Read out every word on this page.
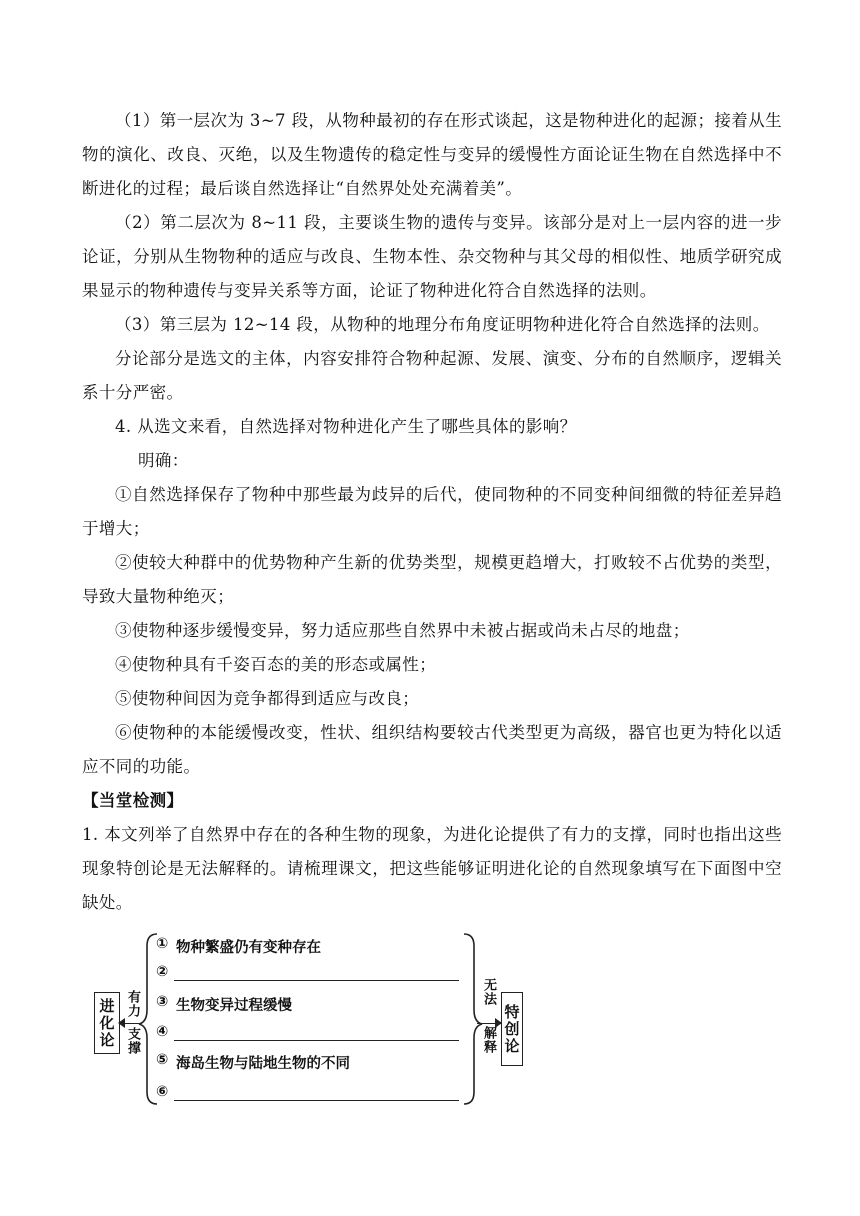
（1）第一层次为 3~7 段，从物种最初的存在形式谈起，这是物种进化的起源；接着从生物的演化、改良、灭绝，以及生物遗传的稳定性与变异的缓慢性方面论证生物在自然选择中不断进化的过程；最后谈自然选择让“自然界处处充满着美”。

（2）第二层次为 8~11 段，主要谈生物的遗传与变异。该部分是对上一层内容的进一步论证，分别从生物物种的适应与改良、生物本性、杂交物种与其父母的相似性、地质学研究成果显示的物种遗传与变异关系等方面，论证了物种进化符合自然选择的法则。

（3）第三层为 12~14 段，从物种的地理分布角度证明物种进化符合自然选择的法则。

分论部分是选文的主体，内容安排符合物种起源、发展、演变、分布的自然顺序，逻辑关系十分严密。

4. 从选文来看，自然选择对物种进化产生了哪些具体的影响？

明确：

①自然选择保存了物种中那些最为歧异的后代，使同物种的不同变种间细微的特征差异趋于增大；

②使较大种群中的优势物种产生新的优势类型，规模更趋增大，打败较不占优势的类型，导致大量物种绝灭；

③使物种逐步缓慢变异，努力适应那些自然界中未被占据或尚未占尽的地盘；

④使物种具有千姿百态的美的形态或属性；

⑤使物种间因为竞争都得到适应与改良；

⑥使物种的本能缓慢改变，性状、组织结构要较古代类型更为高级，器官也更为特化以适应不同的功能。

【当堂检测】

1. 本文列举了自然界中存在的各种生物的现象，为进化论提供了有力的支撑，同时也指出这些现象特创论是无法解释的。请梳理课文，把这些能够证明进化论的自然现象填写在下面图中空缺处。

进化论 有力
支撑
无法
解释 特创论
① 物种繁盛仍有变种存在
②
③ 生物变异过程缓慢
④
⑤ 海岛生物与陆地生物的不同
⑥
